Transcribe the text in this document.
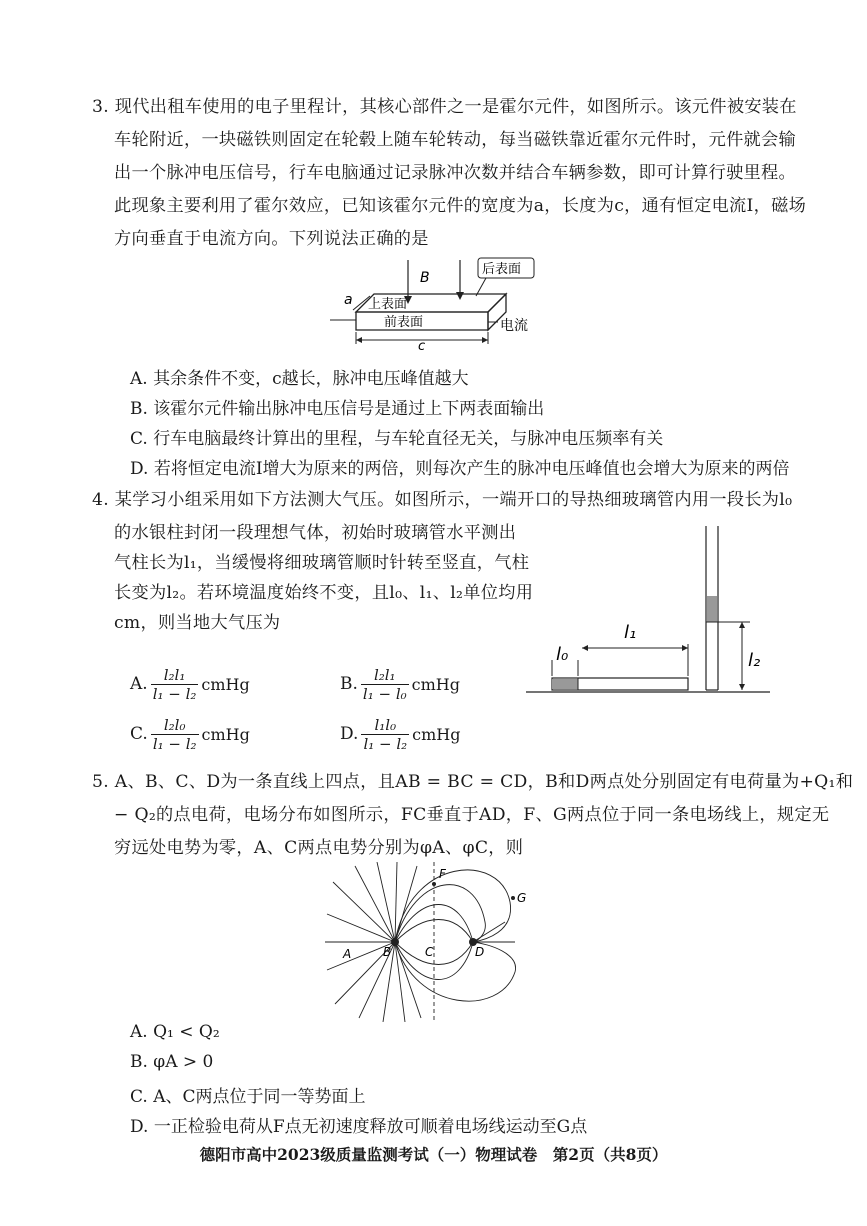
3. 现代出租车使用的电子里程计，其核心部件之一是霍尔元件，如图所示。该元件被安装在
车轮附近，一块磁铁则固定在轮毂上随车轮转动，每当磁铁靠近霍尔元件时，元件就会输
出一个脉冲电压信号，行车电脑通过记录脉冲次数并结合车辆参数，即可计算行驶里程。
此现象主要利用了霍尔效应，已知该霍尔元件的宽度为a，长度为c，通有恒定电流I，磁场
方向垂直于电流方向。下列说法正确的是
B
后表面
a 上表面
前表面	电流
c
A. 其余条件不变，c越长，脉冲电压峰值越大
B. 该霍尔元件输出脉冲电压信号是通过上下两表面输出
C. 行车电脑最终计算出的里程，与车轮直径无关，与脉冲电压频率有关
D. 若将恒定电流I增大为原来的两倍，则每次产生的脉冲电压峰值也会增大为原来的两倍
4. 某学习小组采用如下方法测大气压。如图所示，一端开口的导热细玻璃管内用一段长为l₀
的水银柱封闭一段理想气体，初始时玻璃管水平测出
气柱长为l₁，当缓慢将细玻璃管顺时针转至竖直，气柱
长变为l₂。若环境温度始终不变，且l₀、l₁、l₂单位均用
cm，则当地大气压为
l₀
l₁
l₂
A. $\frac{\text{l₂l₁}}{\text{l₁ − l₂}}$ cmHg	B. $\frac{\text{l₂l₁}}{\text{l₁ − l₀}}$ cmHg
C. $\frac{\text{l₂l₀}}{\text{l₁ − l₂}}$ cmHg	D. $\frac{\text{l₁l₀}}{\text{l₁ − l₂}}$ cmHg
5. A、B、C、D为一条直线上四点，且AB = BC = CD，B和D两点处分别固定有电荷量为+Q₁和
− Q₂的点电荷，电场分布如图所示，FC垂直于AD，F、G两点位于同一条电场线上，规定无
穷远处电势为零，A、C两点电势分别为φA、φC，则
F
G
A	B	C	D
A. Q₁ < Q₂
B. φA > 0
C. A、C两点位于同一等势面上
D. 一正检验电荷从F点无初速度释放可顺着电场线运动至G点
德阳市高中2023级质量监测考试（一）物理试卷　第2页（共8页）
